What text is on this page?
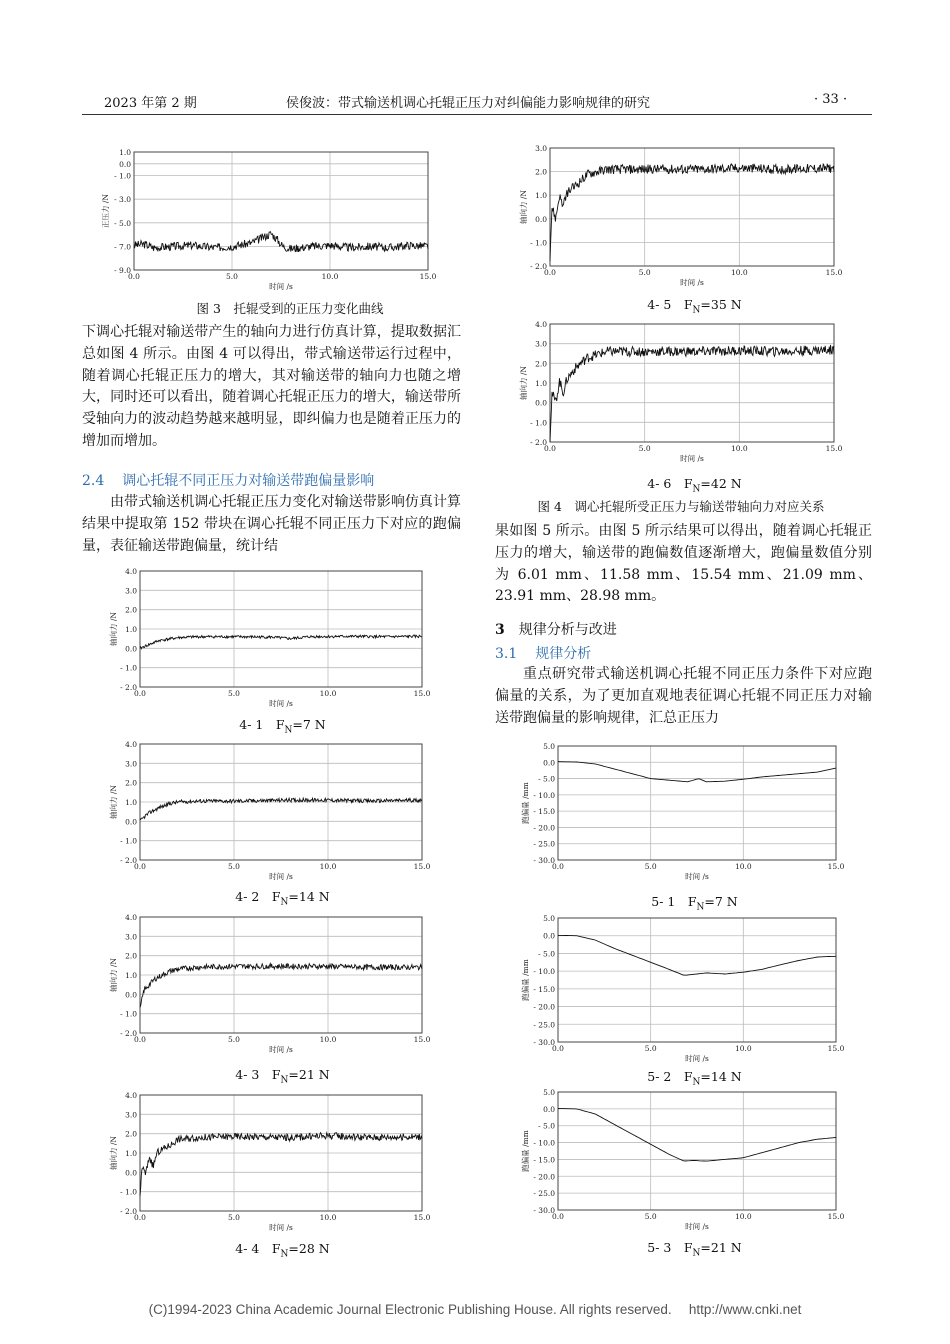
2023 年第 2 期	侯俊波：带式输送机调心托辊正压力对纠偏能力影响规律的研究	· 33 ·
1.0
0.0
- 1.0
- 3.0
- 5.0
- 7.0
- 9.0
0.0	5.0	10.0	15.0
时间 /s
正压力 /N
图 3　托辊受到的正压力变化曲线

下调心托辊对输送带产生的轴向力进行仿真计算，提取数据汇总如图 4 所示。由图 4 可以得出，带式输送带运行过程中，随着调心托辊正压力的增大，其对输送带的轴向力也随之增大，同时还可以看出，随着调心托辊正压力的增大，输送带所受轴向力的波动趋势越来越明显，即纠偏力也是随着正压力的增加而增加。

2.4 调心托辊不同正压力对输送带跑偏量影响

由带式输送机调心托辊正压力变化对输送带影响仿真计算结果中提取第 152 带块在调心托辊不同正压力下对应的跑偏量，表征输送带跑偏量，统计结

4.0
3.0
2.0
1.0
0.0
- 1.0
- 2.0
0.0	5.0	10.0	15.0
时间 /s
轴向力 /N
4- 1　$F_N=7$ N
4.0
3.0
2.0
1.0
0.0
- 1.0
- 2.0
0.0	5.0	10.0	15.0
时间 /s
轴向力 /N
4- 2　$F_N=14$ N
4.0
3.0
2.0
1.0
0.0
- 1.0
- 2.0
0.0	5.0	10.0	15.0
时间 /s
轴向力 /N
4- 3　$F_N=21$ N
4.0
3.0
2.0
1.0
0.0
- 1.0
- 2.0
0.0	5.0	10.0	15.0
时间 /s
轴向力 /N
4- 4　$F_N=28$ N
3.0
2.0
1.0
0.0
- 1.0
- 2.0
0.0	5.0	10.0	15.0
时间 /s
轴向力 /N
4- 5　$F_N=35$ N
4.0
3.0
2.0
1.0
0.0
- 1.0
- 2.0
0.0	5.0	10.0	15.0
时间 /s
轴向力 /N
4- 6　$F_N=42$ N
图 4　调心托辊所受正压力与输送带轴向力对应关系

果如图 5 所示。由图 5 所示结果可以得出，随着调心托辊正压力的增大，输送带的跑偏数值逐渐增大，跑偏量数值分别为 6.01 mm、11.58 mm、15.54 mm、21.09 mm、23.91 mm、28.98 mm。

3 规律分析与改进
3.1 规律分析

重点研究带式输送机调心托辊不同正压力条件下对应跑偏量的关系，为了更加直观地表征调心托辊不同正压力对输送带跑偏量的影响规律，汇总正压力

5.0
0.0
- 5.0
- 10.0
- 15.0
- 20.0
- 25.0
- 30.0
0.0	5.0	10.0	15.0
时间 /s
跑偏量 /mm
5- 1　$F_N=7$ N
5.0
0.0
- 5.0
- 10.0
- 15.0
- 20.0
- 25.0
- 30.0
0.0	5.0	10.0	15.0
时间 /s
跑偏量 /mm
5- 2　$F_N=14$ N
5.0
0.0
- 5.0
- 10.0
- 15.0
- 20.0
- 25.0
- 30.0
0.0	5.0	10.0	15.0
时间 /s
跑偏量 /mm
5- 3　$F_N=21$ N
(C)1994-2023 China Academic Journal Electronic Publishing House. All rights reserved.　 http://www.cnki.net
